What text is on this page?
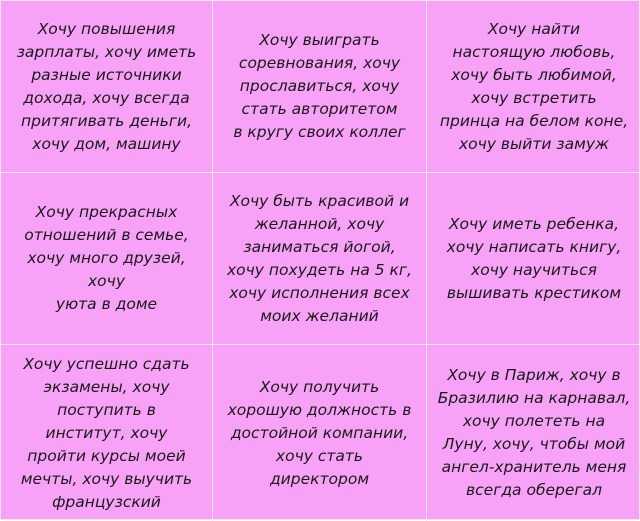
Хочу повышения
зарплаты, хочу иметь
разные источники
дохода, хочу всегда
притягивать деньги,
хочу дом, машину
Хочу выиграть
соревнования, хочу
прославиться, хочу
стать авторитетом
в кругу своих коллег
Хочу найти
настоящую любовь,
хочу быть любимой,
хочу встретить
принца на белом коне,
хочу выйти замуж
Хочу прекрасных
отношений в семье,
хочу много друзей, хочу
уюта в доме
Хочу быть красивой и
желанной, хочу
заниматься йогой,
хочу похудеть на 5 кг,
хочу исполнения всех
моих желаний
Хочу иметь ребенка,
хочу написать книгу,
хочу научиться
вышивать крестиком
Хочу успешно сдать
экзамены, хочу
поступить в
институт, хочу
пройти курсы моей
мечты, хочу выучить
французский
Хочу получить
хорошую должность в
достойной компании,
хочу стать
директором
Хочу в Париж, хочу в
Бразилию на карнавал,
хочу полететь на
Луну, хочу, чтобы мой
ангел-хранитель меня
всегда оберегал
